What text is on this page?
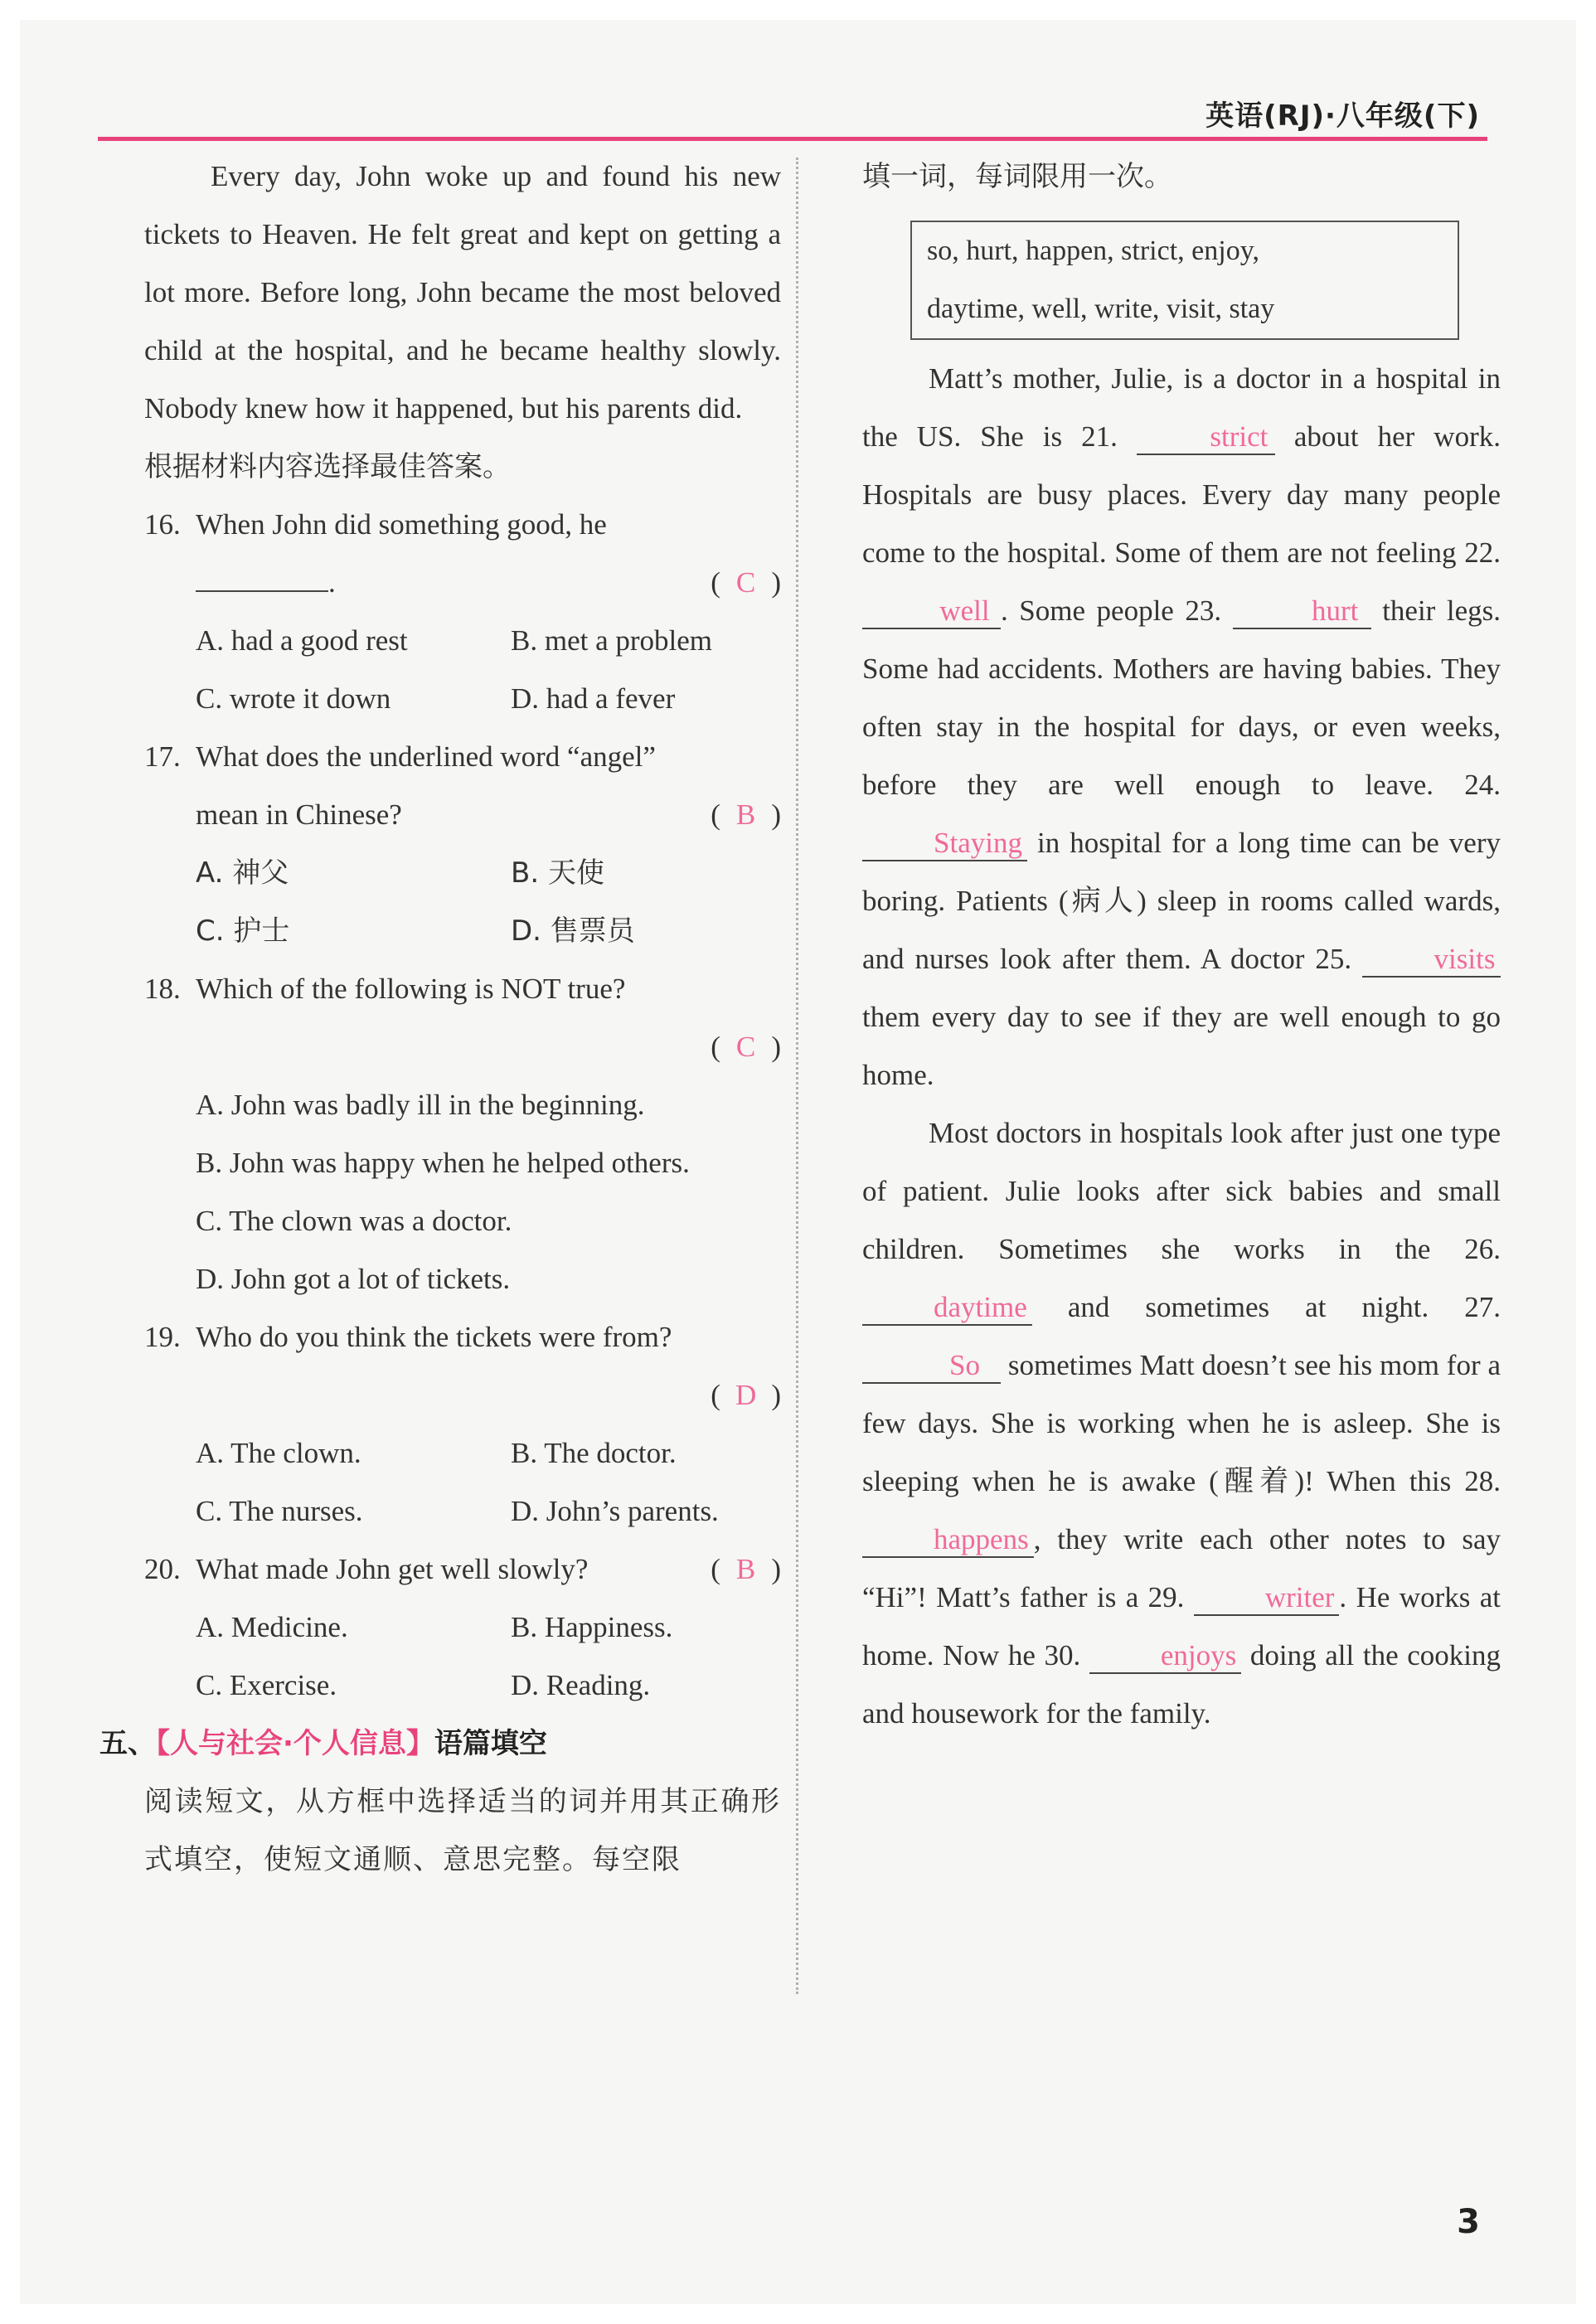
英语(RJ)·八年级(下)

Every day, John woke up and found his new tickets to Heaven. He felt great and kept on getting a lot more. Before long, John became the most beloved child at the hospital, and he became healthy slowly. Nobody knew how it happened, but his parents did.

根据材料内容选择最佳答案。

16. When John did something good, he
.	( C )
A. had a good rest	B. met a problem
C. wrote it down	D. had a fever
17. What does the underlined word “angel” mean in Chinese?	( B )
A. 神父	B. 天使
C. 护士	D. 售票员
18. Which of the following is NOT true?
( C )
A. John was badly ill in the beginning.
B. John was happy when he helped others.
C. The clown was a doctor.
D. John got a lot of tickets.
19. Who do you think the tickets were from?
( D )
A. The clown.	B. The doctor.
C. The nurses.	D. John’s parents.
20. What made John get well slowly?	( B )
A. Medicine.	B. Happiness.
C. Exercise.	D. Reading.
五、【人与社会·个人信息】语篇填空

阅读短文，从方框中选择适当的词并用其正确形式填空，使短文通顺、意思完整。每空限

填一词，每词限用一次。

so, hurt, happen, strict, enjoy,
daytime, well, write, visit, stay

Matt’s mother, Julie, is a doctor in a hospital in the US. She is 21.	strict about her work. Hospitals are busy places. Every day many people come to the hospital. Some of them are not feeling 22. well . Some people 23.	hurt their legs. Some had accidents. Mothers are having babies. They often stay in the hospital for days, or even weeks, before they are well enough to leave. 24. Staying in hospital for a long time can be very boring. Patients (病人) sleep in rooms called wards, and nurses look after them. A doctor 25.	visits them every day to see if they are well enough to go home.

Most doctors in hospitals look after just one type of patient. Julie looks after sick babies and small children. Sometimes she works in the 26. daytime and sometimes at night. 27. So sometimes Matt doesn’t see his mom for a few days. She is working when he is asleep. She is sleeping when he is awake (醒着)! When this 28. happens , they write each other notes to say “Hi”! Matt’s father is a 29.	writer . He works at home. Now he 30.	enjoys doing all the cooking and housework for the family.

3
